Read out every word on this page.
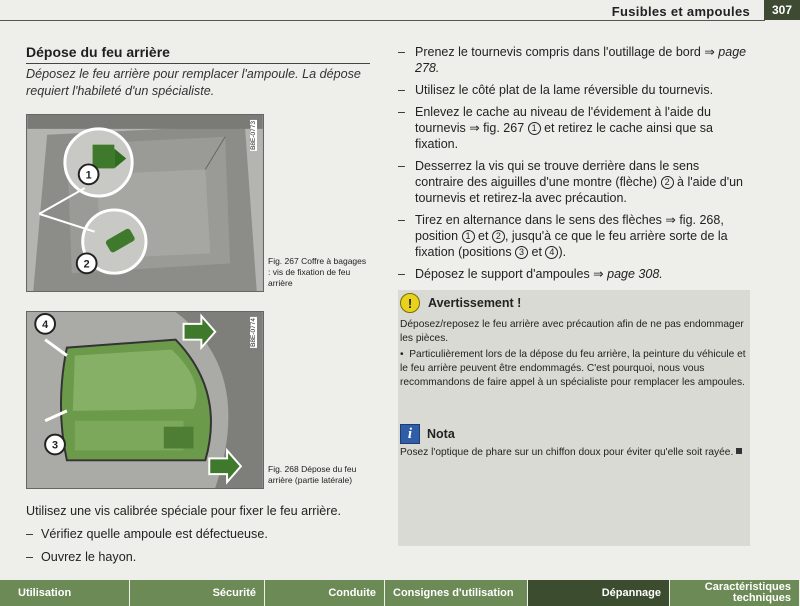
Fusibles et ampoules	307
Dépose du feu arrière
Déposez le feu arrière pour remplacer l'ampoule. La dépose requiert l'habileté d'un spécialiste.
1
2
B8E-0773
Fig. 267 Coffre à bagages : vis de fixation de feu arrière
4
3
B8E-0774
Fig. 268 Dépose du feu arrière (partie latérale)
Utilisez une vis calibrée spéciale pour fixer le feu arrière.
– Vérifiez quelle ampoule est défectueuse.
– Ouvrez le hayon.
– Prenez le tournevis compris dans l'outillage de bord ⇒ page 278.
– Utilisez le côté plat de la lame réversible du tournevis.
– Enlevez le cache au niveau de l'évidement à l'aide du tournevis ⇒ fig. 267 1 et retirez le cache ainsi que sa fixation.
– Desserrez la vis qui se trouve derrière dans le sens contraire des aiguilles d'une montre (flèche) 2 à l'aide d'un tournevis et retirez-la avec précaution.
– Tirez en alternance dans le sens des flèches ⇒ fig. 268, position 1 et 2 , jusqu'à ce que le feu arrière sorte de la fixation (positions 3 et 4 ).
– Déposez le support d'ampoules ⇒ page 308.
!	Avertissement !

Déposez/reposez le feu arrière avec précaution afin de ne pas endommager les pièces.

• Particulièrement lors de la dépose du feu arrière, la peinture du véhicule et le feu arrière peuvent être endommagés. C'est pourquoi, nous vous recommandons de faire appel à un spécialiste pour remplacer les ampoules.

i	Nota
Posez l'optique de phare sur un chiffon doux pour éviter qu'elle soit rayée.
Utilisation	Sécurité	Conduite	Consignes d'utilisation	Dépannage	Caractéristiques techniques
